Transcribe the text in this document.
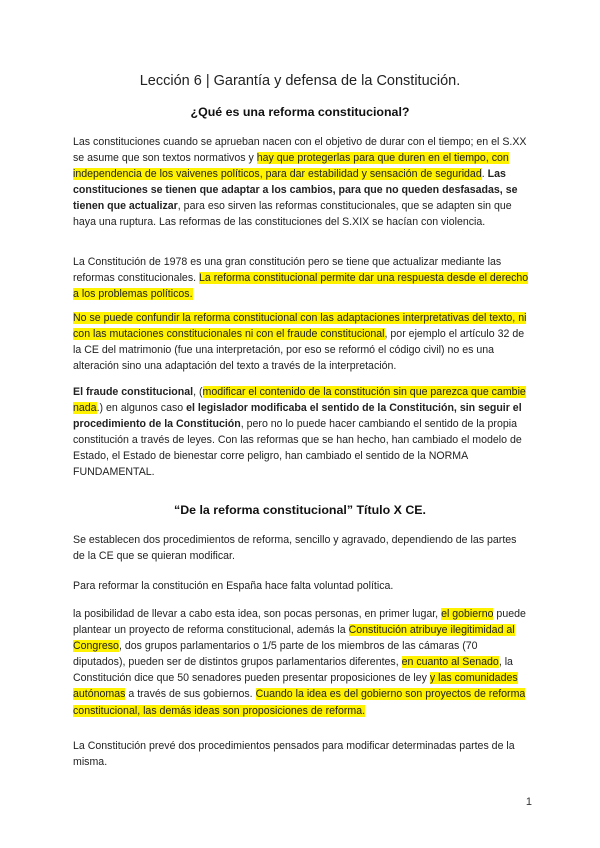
Lección 6 | Garantía y defensa de la Constitución.
¿Qué es una reforma constitucional?

Las constituciones cuando se aprueban nacen con el objetivo de durar con el tiempo; en el S.XX se asume que son textos normativos y hay que protegerlas para que duren en el tiempo, con independencia de los vaivenes políticos, para dar estabilidad y sensación de seguridad. Las constituciones se tienen que adaptar a los cambios, para que no queden desfasadas, se tienen que actualizar, para eso sirven las reformas constitucionales, que se adapten sin que haya una ruptura. Las reformas de las constituciones del S.XIX se hacían con violencia.

La Constitución de 1978 es una gran constitución pero se tiene que actualizar mediante las reformas constitucionales. La reforma constitucional permite dar una respuesta desde el derecho a los problemas políticos.

No se puede confundir la reforma constitucional con las adaptaciones interpretativas del texto, ni con las mutaciones constitucionales ni con el fraude constitucional, por ejemplo el artículo 32 de la CE del matrimonio (fue una interpretación, por eso se reformó el código civil) no es una alteración sino una adaptación del texto a través de la interpretación.

El fraude constitucional, (modificar el contenido de la constitución sin que parezca que cambie nada.) en algunos caso el legislador modificaba el sentido de la Constitución, sin seguir el procedimiento de la Constitución, pero no lo puede hacer cambiando el sentido de la propia constitución a través de leyes. Con las reformas que se han hecho, han cambiado el modelo de Estado, el Estado de bienestar corre peligro, han cambiado el sentido de la NORMA FUNDAMENTAL.

“De la reforma constitucional” Título X CE.

Se establecen dos procedimientos de reforma, sencillo y agravado, dependiendo de las partes de la CE que se quieran modificar.

Para reformar la constitución en España hace falta voluntad política.

la posibilidad de llevar a cabo esta idea, son pocas personas, en primer lugar, el gobierno puede plantear un proyecto de reforma constitucional, además la Constitución atribuye ilegitimidad al Congreso, dos grupos parlamentarios o 1/5 parte de los miembros de las cámaras (70 diputados), pueden ser de distintos grupos parlamentarios diferentes, en cuanto al Senado, la Constitución dice que 50 senadores pueden presentar proposiciones de ley y las comunidades autónomas a través de sus gobiernos. Cuando la idea es del gobierno son proyectos de reforma constitucional, las demás ideas son proposiciones de reforma.

La Constitución prevé dos procedimientos pensados para modificar determinadas partes de la misma.

1
